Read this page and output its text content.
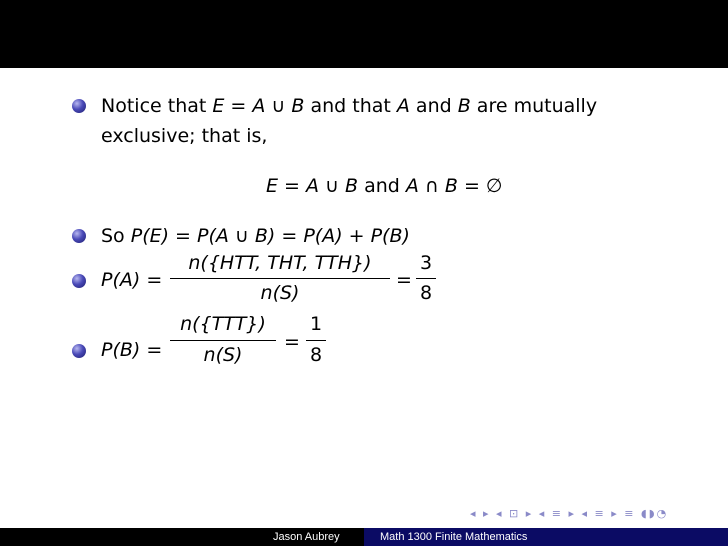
Notice that E = A ∪ B and that A and B are mutually
exclusive; that is,
E = A ∪ B and A ∩ B = ∅
So P(E) = P(A ∪ B) = P(A) + P(B)
P(A) =
n({HTT, THT, TTH})
n(S)
=
3
8
P(B) =
n({TTT})
n(S)
=
1
8
◂ ▸ ◂ ⊡ ▸ ◂ ≡ ▸ ◂ ≡ ▸ ≡ ◖◗◔
Jason Aubrey	Math 1300 Finite Mathematics
